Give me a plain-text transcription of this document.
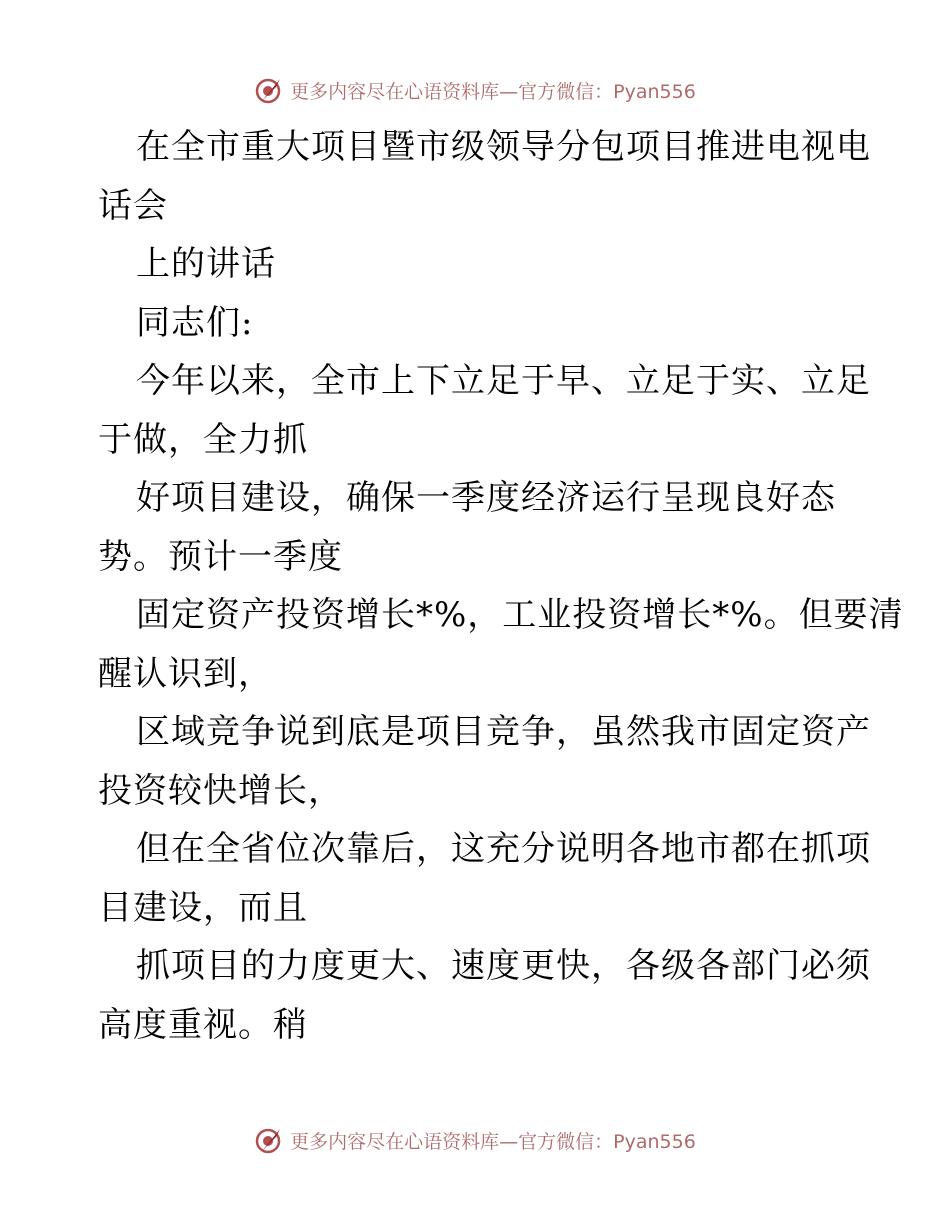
更多内容尽在心语资料库—官方微信：Pyan556
在全市重大项目暨市级领导分包项目推进电视电
话会
上的讲话
同志们:
今年以来，全市上下立足于早、立足于实、立足
于做，全力抓
好项目建设，确保一季度经济运行呈现良好态
势。预计一季度
固定资产投资增长*%，工业投资增长*%。但要清
醒认识到，
区域竞争说到底是项目竞争，虽然我市固定资产
投资较快增长，
但在全省位次靠后，这充分说明各地市都在抓项
目建设，而且
抓项目的力度更大、速度更快，各级各部门必须
高度重视。稍
更多内容尽在心语资料库—官方微信：Pyan556
